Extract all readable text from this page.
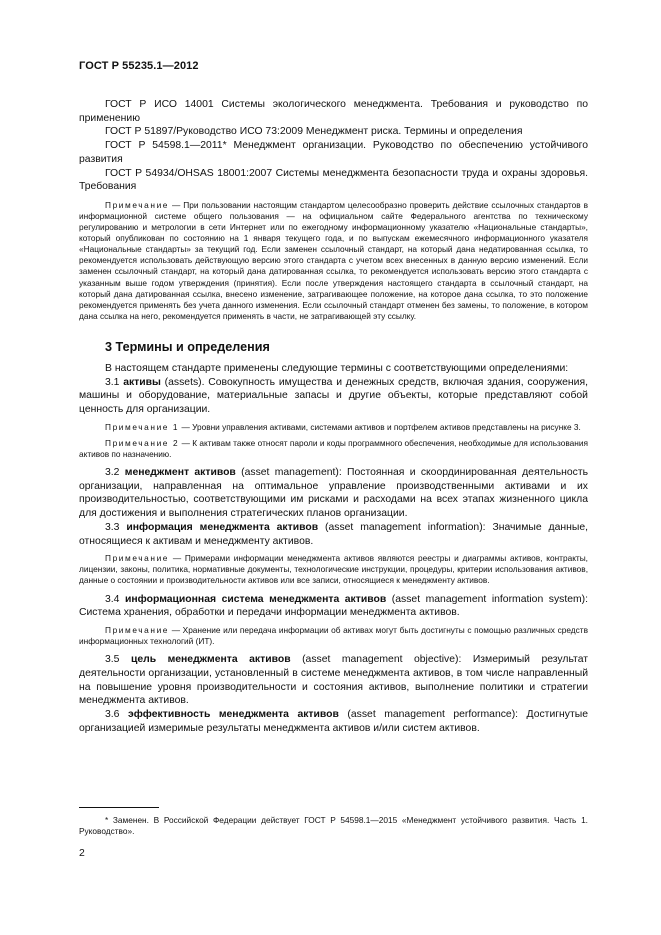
ГОСТ Р 55235.1—2012

ГОСТ Р ИСО 14001 Системы экологического менеджмента. Требования и руководство по применению

ГОСТ Р 51897/Руководство ИСО 73:2009 Менеджмент риска. Термины и определения

ГОСТ Р 54598.1—2011* Менеджмент организации. Руководство по обеспечению устойчивого развития

ГОСТ Р 54934/OHSAS 18001:2007 Системы менеджмента безопасности труда и охраны здоровья. Требования

Примечание — При пользовании настоящим стандартом целесообразно проверить действие ссылочных стандартов в информационной системе общего пользования — на официальном сайте Федерального агентства по техническому регулированию и метрологии в сети Интернет или по ежегодному информационному указателю «Национальные стандарты», который опубликован по состоянию на 1 января текущего года, и по выпускам ежемесячного информационного указателя «Национальные стандарты» за текущий год. Если заменен ссылочный стандарт, на который дана недатированная ссылка, то рекомендуется использовать действующую версию этого стандарта с учетом всех внесенных в данную версию изменений. Если заменен ссылочный стандарт, на который дана датированная ссылка, то рекомендуется использовать версию этого стандарта с указанным выше годом утверждения (принятия). Если после утверждения настоящего стандарта в ссылочный стандарт, на который дана датированная ссылка, внесено изменение, затрагивающее положение, на которое дана ссылка, то это положение рекомендуется применять без учета данного изменения. Если ссылочный стандарт отменен без замены, то положение, в котором дана ссылка на него, рекомендуется применять в части, не затрагивающей эту ссылку.

3 Термины и определения

В настоящем стандарте применены следующие термины с соответствующими определениями:

3.1 активы (assets). Совокупность имущества и денежных средств, включая здания, сооружения, машины и оборудование, материальные запасы и другие объекты, которые представляют собой ценность для организации.

Примечание 1 — Уровни управления активами, системами активов и портфелем активов представлены на рисунке 3.

Примечание 2 — К активам также относят пароли и коды программного обеспечения, необходимые для использования активов по назначению.

3.2 менеджмент активов (asset management): Постоянная и скоординированная деятельность организации, направленная на оптимальное управление производственными активами и их производительностью, соответствующими им рисками и расходами на всех этапах жизненного цикла для достижения и выполнения стратегических планов организации.

3.3 информация менеджмента активов (asset management information): Значимые данные, относящиеся к активам и менеджменту активов.

Примечание — Примерами информации менеджмента активов являются реестры и диаграммы активов, контракты, лицензии, законы, политика, нормативные документы, технологические инструкции, процедуры, критерии использования активов, данные о состоянии и производительности активов или все записи, относящиеся к менеджменту активов.

3.4 информационная система менеджмента активов (asset management information system): Система хранения, обработки и передачи информации менеджмента активов.

Примечание — Хранение или передача информации об активах могут быть достигнуты с помощью различных средств информационных технологий (ИТ).

3.5 цель менеджмента активов (asset management objective): Измеримый результат деятельности организации, установленный в системе менеджмента активов, в том числе направленный на повышение уровня производительности и состояния активов, выполнение политики и стратегии менеджмента активов.

3.6 эффективность менеджмента активов (asset management performance): Достигнутые организацией измеримые результаты менеджмента активов и/или систем активов.

* Заменен. В Российской Федерации действует ГОСТ Р 54598.1—2015 «Менеджмент устойчивого развития. Часть 1. Руководство».

2
